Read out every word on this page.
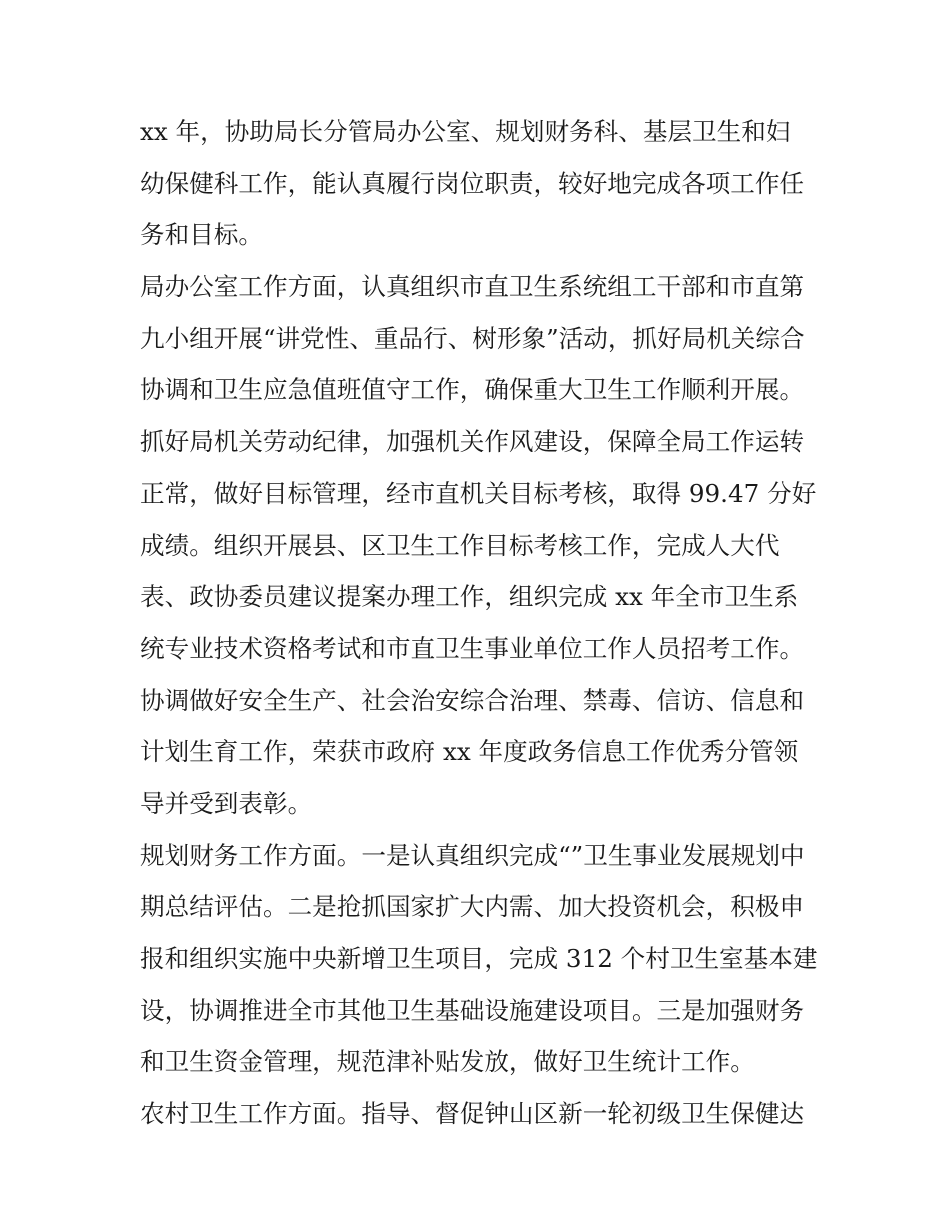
xx 年，协助局长分管局办公室、规划财务科、基层卫生和妇
幼保健科工作，能认真履行岗位职责，较好地完成各项工作任
务和目标。
局办公室工作方面，认真组织市直卫生系统组工干部和市直第
九小组开展“讲党性、重品行、树形象”活动，抓好局机关综合
协调和卫生应急值班值守工作，确保重大卫生工作顺利开展。
抓好局机关劳动纪律，加强机关作风建设，保障全局工作运转
正常，做好目标管理，经市直机关目标考核，取得 99.47 分好
成绩。组织开展县、区卫生工作目标考核工作，完成人大代
表、政协委员建议提案办理工作，组织完成 xx 年全市卫生系
统专业技术资格考试和市直卫生事业单位工作人员招考工作。
协调做好安全生产、社会治安综合治理、禁毒、信访、信息和
计划生育工作，荣获市政府 xx 年度政务信息工作优秀分管领
导并受到表彰。
规划财务工作方面。一是认真组织完成“”卫生事业发展规划中
期总结评估。二是抢抓国家扩大内需、加大投资机会，积极申
报和组织实施中央新增卫生项目，完成 312 个村卫生室基本建
设，协调推进全市其他卫生基础设施建设项目。三是加强财务
和卫生资金管理，规范津补贴发放，做好卫生统计工作。
农村卫生工作方面。指导、督促钟山区新一轮初级卫生保健达
